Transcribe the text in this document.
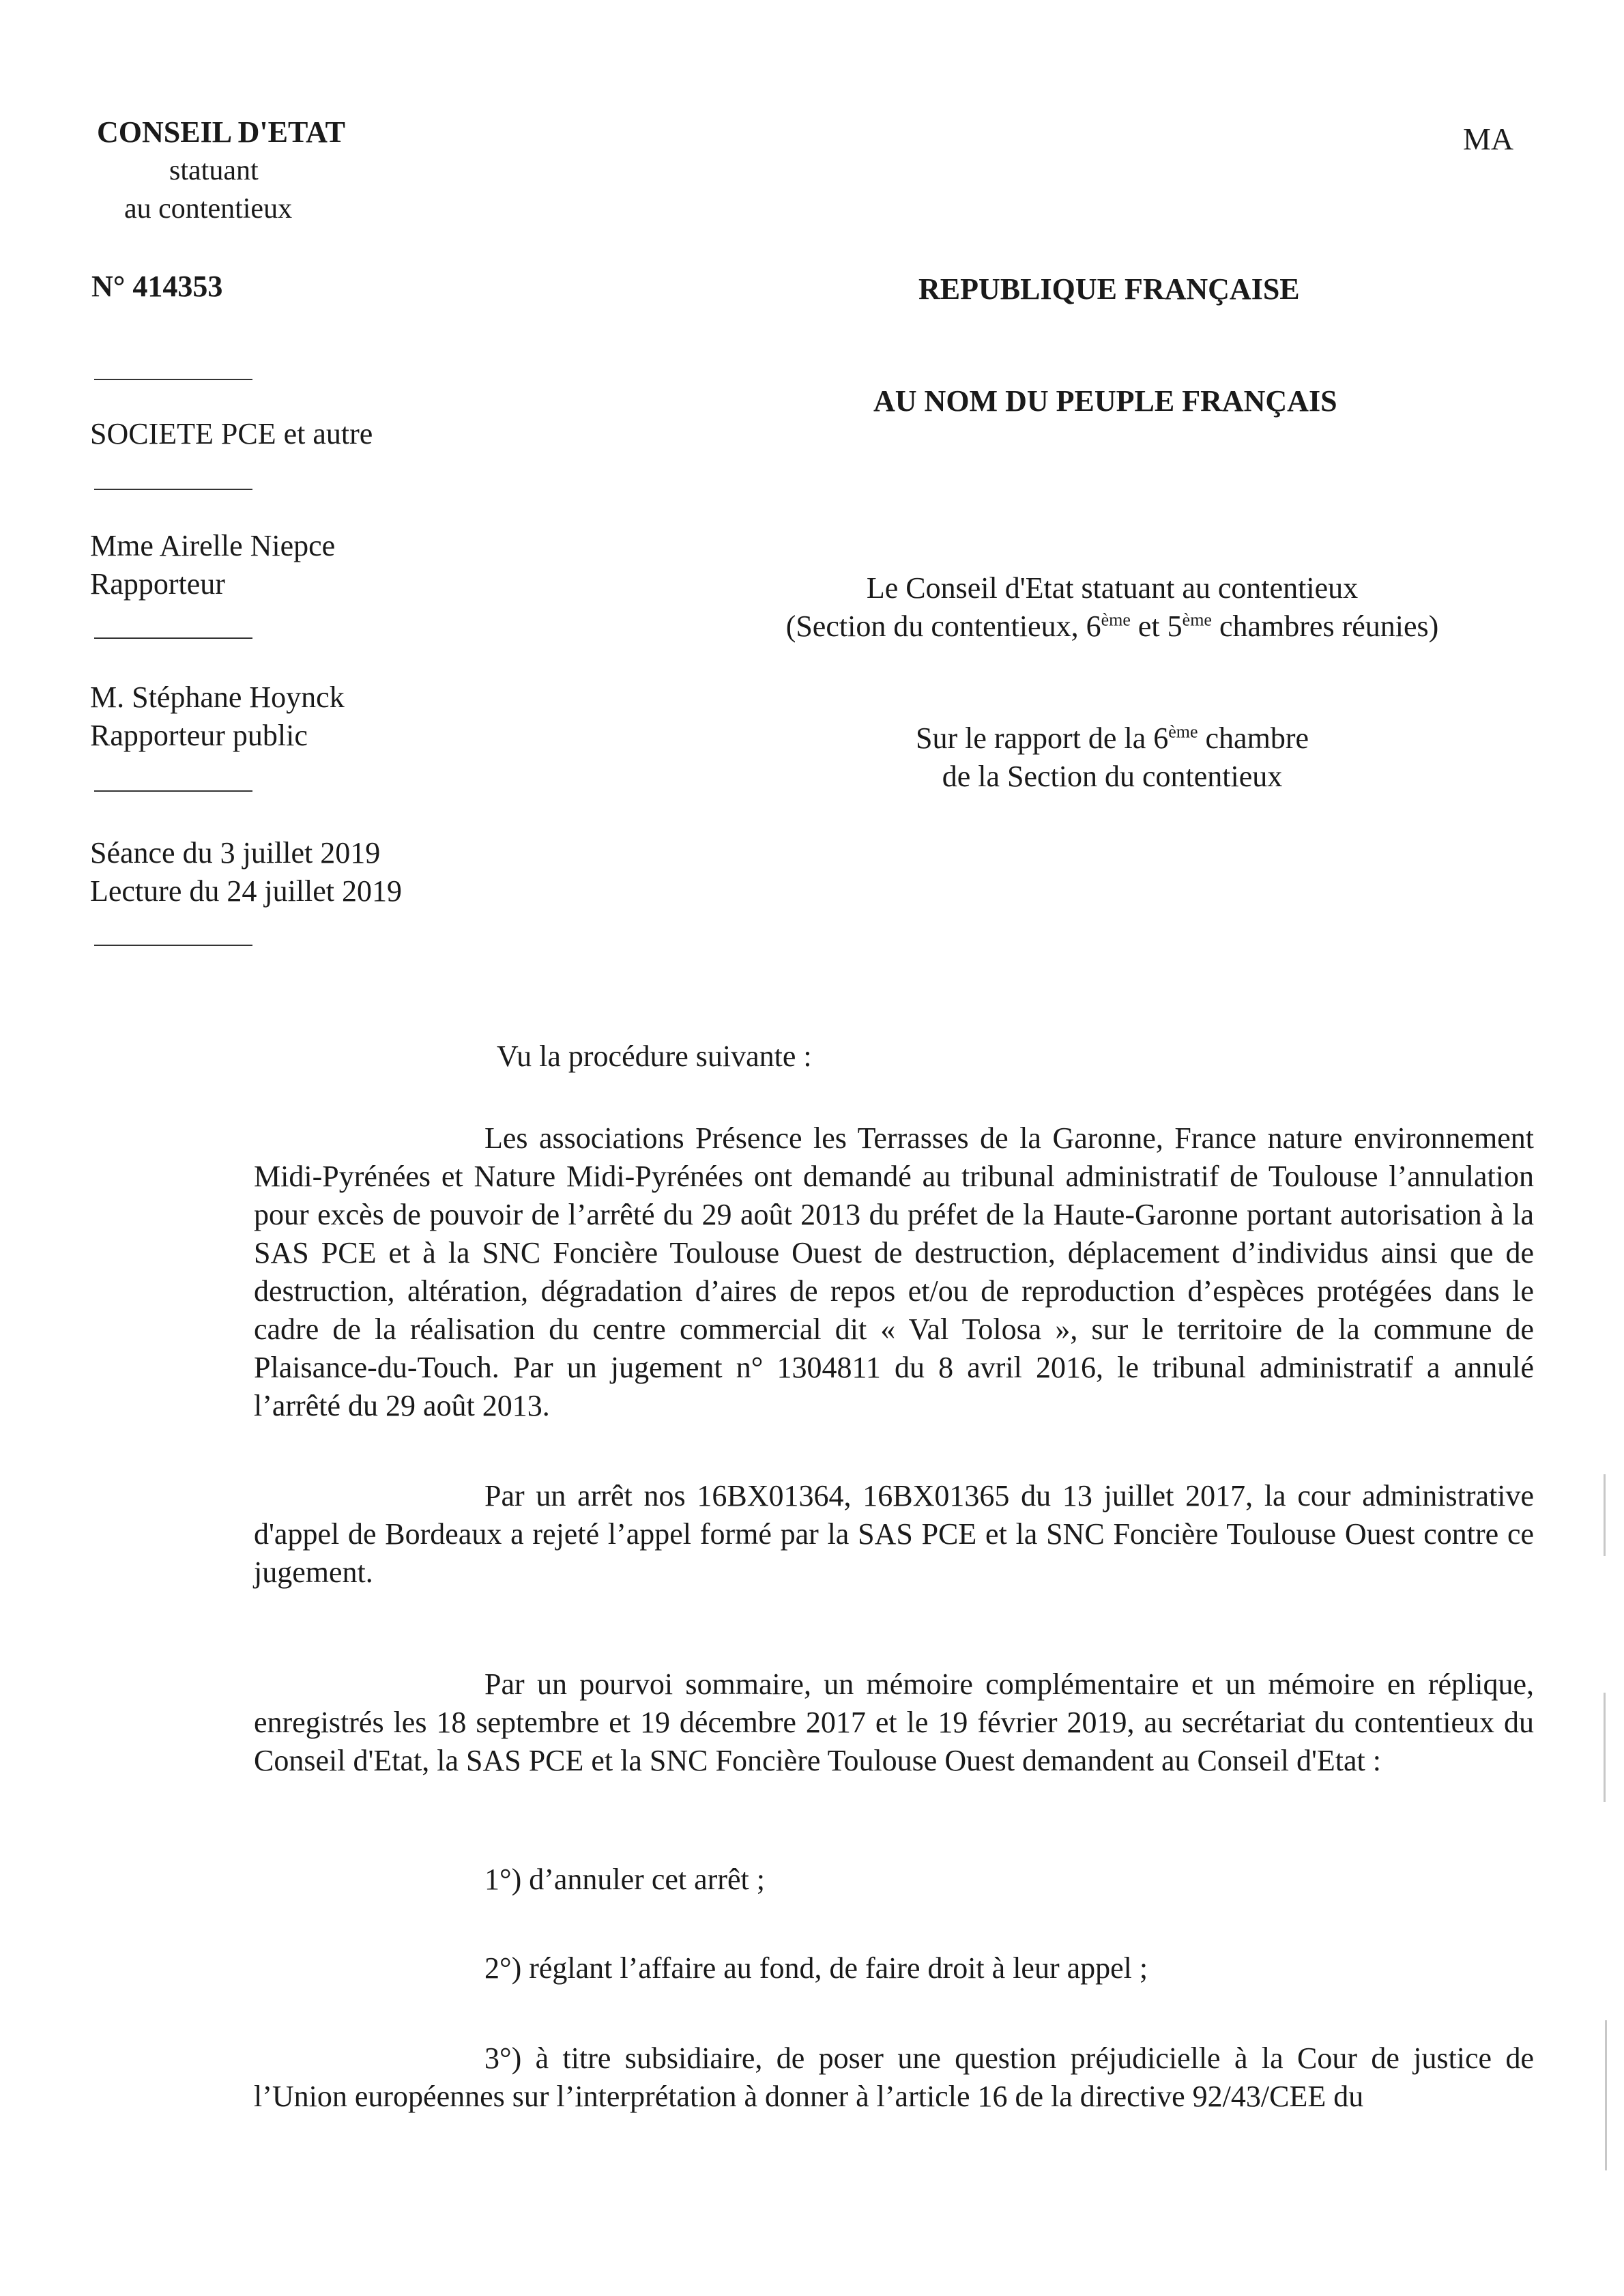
CONSEIL D'ETAT
statuant
au contentieux
MA
N° 414353	REPUBLIQUE FRANÇAISE
AU NOM DU PEUPLE FRANÇAIS
SOCIETE PCE et autre
Mme Airelle Niepce
Rapporteur
M. Stéphane Hoynck
Rapporteur public
Séance du 3 juillet 2019
Lecture du 24 juillet 2019
Le Conseil d'Etat statuant au contentieux
(Section du contentieux, 6ème et 5ème chambres réunies)
Sur le rapport de la 6ème chambre
de la Section du contentieux
Vu la procédure suivante :

Les associations Présence les Terrasses de la Garonne, France nature environnement Midi-Pyrénées et Nature Midi-Pyrénées ont demandé au tribunal administratif de Toulouse l’annulation pour excès de pouvoir de l’arrêté du 29 août 2013 du préfet de la Haute-Garonne portant autorisation à la SAS PCE et à la SNC Foncière Toulouse Ouest de destruction, déplacement d’individus ainsi que de destruction, altération, dégradation d’aires de repos et/ou de reproduction d’espèces protégées dans le cadre de la réalisation du centre commercial dit « Val Tolosa », sur le territoire de la commune de Plaisance-du-Touch. Par un jugement n° 1304811 du 8 avril 2016, le tribunal administratif a annulé l’arrêté du 29 août 2013.

Par un arrêt nos 16BX01364, 16BX01365 du 13 juillet 2017, la cour administrative d'appel de Bordeaux a rejeté l’appel formé par la SAS PCE et la SNC Foncière Toulouse Ouest contre ce jugement.

Par un pourvoi sommaire, un mémoire complémentaire et un mémoire en réplique, enregistrés les 18 septembre et 19 décembre 2017 et le 19 février 2019, au secrétariat du contentieux du Conseil d'Etat, la SAS PCE et la SNC Foncière Toulouse Ouest demandent au Conseil d'Etat :

1°) d’annuler cet arrêt ;
2°) réglant l’affaire au fond, de faire droit à leur appel ;

3°) à titre subsidiaire, de poser une question préjudicielle à la Cour de justice de l’Union européennes sur l’interprétation à donner à l’article 16 de la directive 92/43/CEE du
